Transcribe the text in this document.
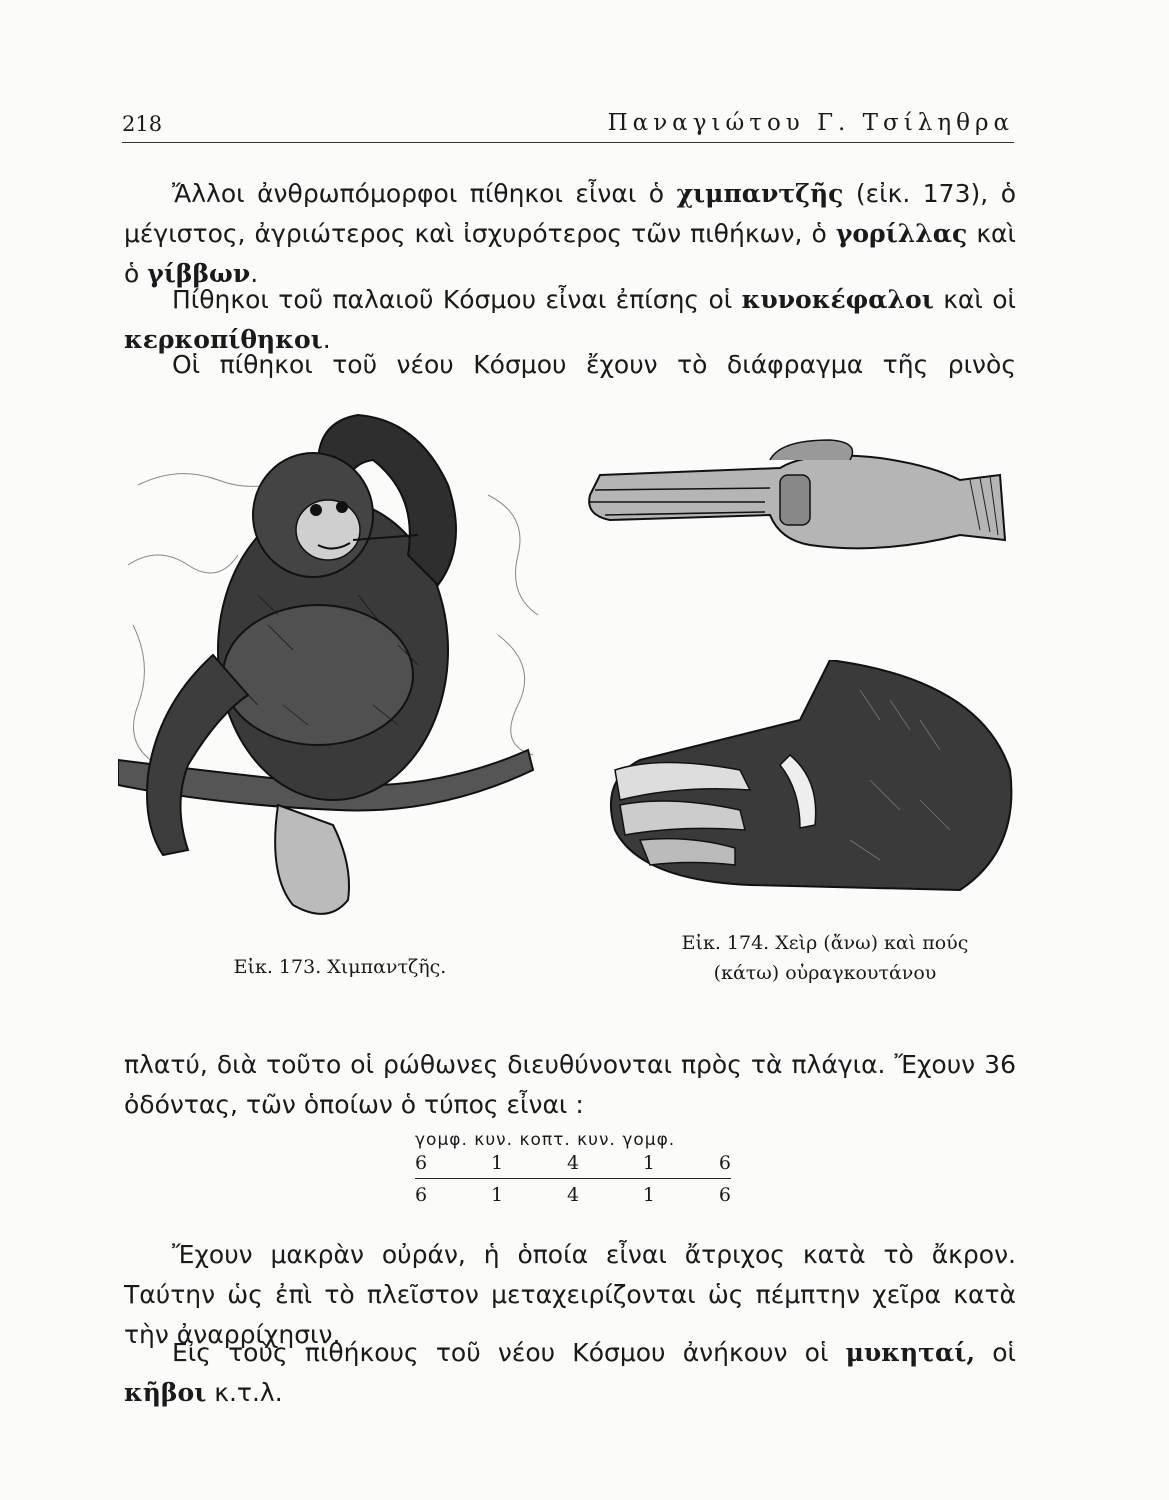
218	Παναγιώτου Γ. Τσίληθρα

Ἄλλοι ἀνθρωπόμορφοι πίθηκοι εἶναι ὁ χιμπαντζῆς (εἰκ. 173), ὁ μέγιστος, ἀγριώτερος καὶ ἰσχυρότερος τῶν πιθήκων, ὁ γορίλλας καὶ ὁ γίββων.

Πίθηκοι τοῦ παλαιοῦ Κόσμου εἶναι ἐπίσης οἱ κυνοκέφαλοι καὶ οἱ κερκοπίθηκοι.

Οἱ πίθηκοι τοῦ νέου Κόσμου ἔχουν τὸ διάφραγμα τῆς ρινὸς

Εἰκ. 173. Χιμπαντζῆς.
Εἰκ. 174. Χεὶρ (ἄνω) καὶ πούς
(κάτω) οὐραγκουτάνου

πλατύ, διὰ τοῦτο οἱ ρώθωνες διευθύνονται πρὸς τὰ πλάγια. Ἔχουν 36 ὀδόντας, τῶν ὁποίων ὁ τύπος εἶναι :

γομφ. κυν. κοπτ. κυν. γομφ.
6	1	4	1	6
6	1	4	1	6

Ἔχουν μακρὰν οὐράν, ἡ ὁποία εἶναι ἄτριχος κατὰ τὸ ἄκρον. Ταύτην ὡς ἐπὶ τὸ πλεῖστον μεταχειρίζονται ὡς πέμπτην χεῖρα κατὰ τὴν ἀναρρίχησιν.

Εἰς τοὺς πιθήκους τοῦ νέου Κόσμου ἀνήκουν οἱ μυκηταί, οἱ κῆβοι κ.τ.λ.
